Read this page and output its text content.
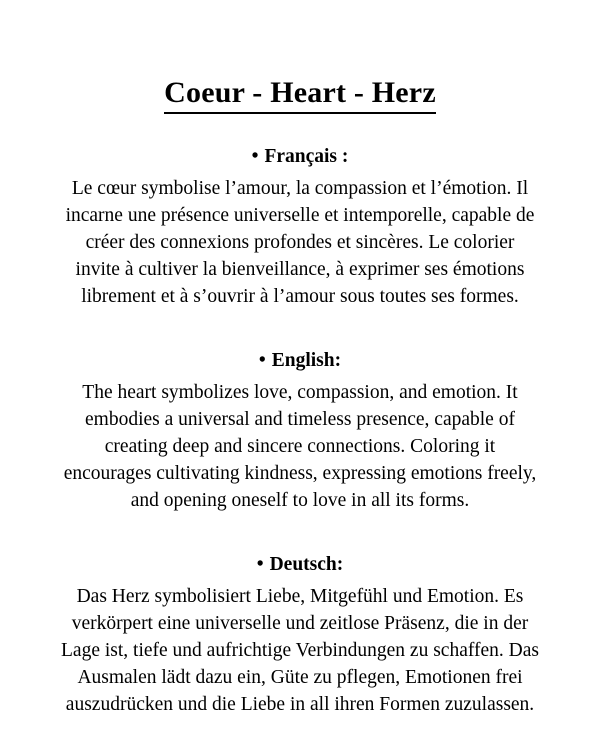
Coeur - Heart - Herz
• Français :

Le cœur symbolise l’amour, la compassion et l’émotion. Il incarne une présence universelle et intemporelle, capable de créer des connexions profondes et sincères. Le colorier invite à cultiver la bienveillance, à exprimer ses émotions librement et à s’ouvrir à l’amour sous toutes ses formes.

• English:

The heart symbolizes love, compassion, and emotion. It embodies a universal and timeless presence, capable of creating deep and sincere connections. Coloring it encourages cultivating kindness, expressing emotions freely, and opening oneself to love in all its forms.

• Deutsch:

Das Herz symbolisiert Liebe, Mitgefühl und Emotion. Es verkörpert eine universelle und zeitlose Präsenz, die in der Lage ist, tiefe und aufrichtige Verbindungen zu schaffen. Das Ausmalen lädt dazu ein, Güte zu pflegen, Emotionen frei auszudrücken und die Liebe in all ihren Formen zuzulassen.
